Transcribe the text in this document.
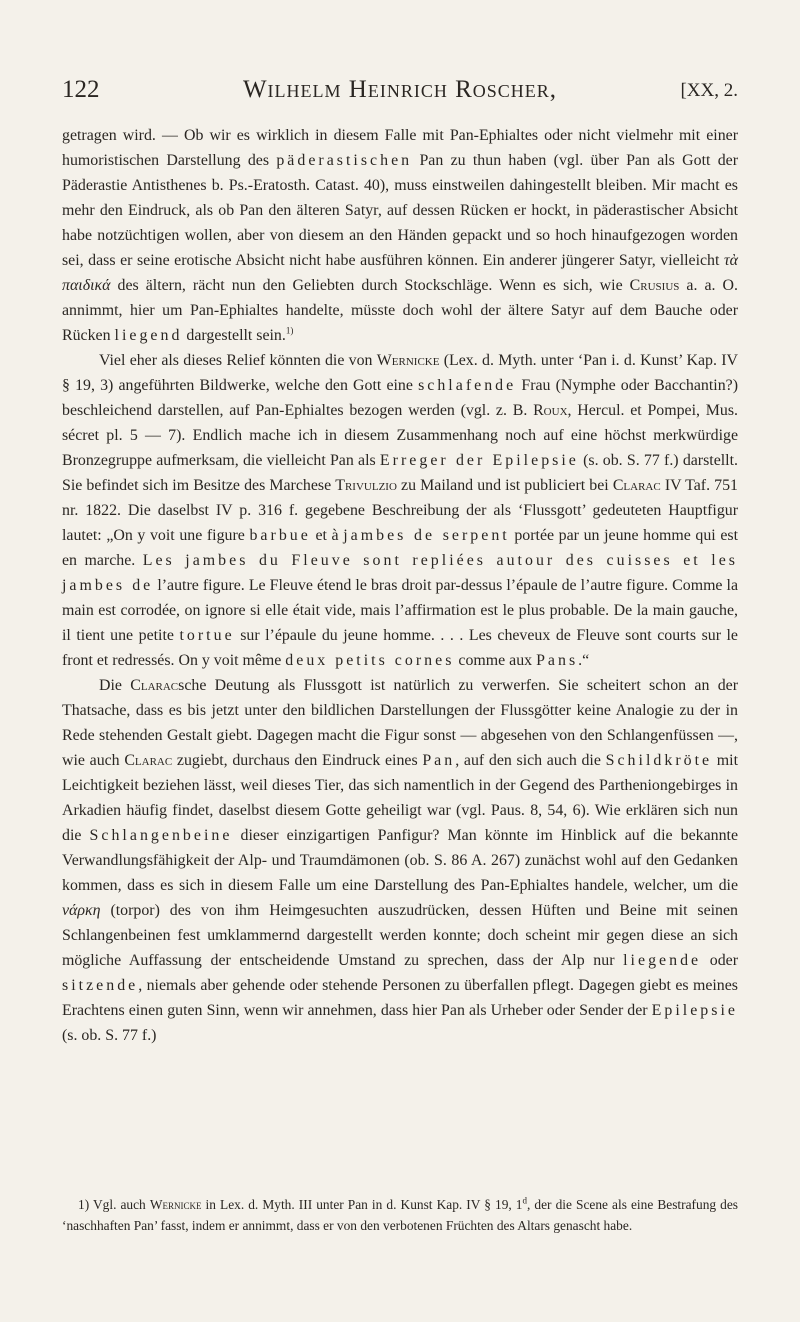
122	Wilhelm Heinrich Roscher,	[XX, 2.

getragen wird. — Ob wir es wirklich in diesem Falle mit Pan-Ephialtes oder nicht vielmehr mit einer humoristischen Darstellung des päderastischen Pan zu thun haben (vgl. über Pan als Gott der Päderastie Antisthenes b. Ps.-Eratosth. Catast. 40), muss einstweilen dahingestellt bleiben. Mir macht es mehr den Eindruck, als ob Pan den älteren Satyr, auf dessen Rücken er hockt, in päderastischer Absicht habe notzüchtigen wollen, aber von diesem an den Händen gepackt und so hoch hinaufgezogen worden sei, dass er seine erotische Absicht nicht habe ausführen können. Ein anderer jüngerer Satyr, vielleicht τὰ παιδικά des ältern, rächt nun den Geliebten durch Stockschläge. Wenn es sich, wie Crusius a. a. O. annimmt, hier um Pan-Ephialtes handelte, müsste doch wohl der ältere Satyr auf dem Bauche oder Rücken liegend dargestellt sein.$^{1)}$

Viel eher als dieses Relief könnten die von Wernicke (Lex. d. Myth. unter ‘Pan i. d. Kunst’ Kap. IV § 19, 3) angeführten Bildwerke, welche den Gott eine schlafende Frau (Nymphe oder Bacchantin?) beschleichend darstellen, auf Pan-Ephialtes bezogen werden (vgl. z. B. Roux, Hercul. et Pompei, Mus. sécret pl. 5 — 7). Endlich mache ich in diesem Zusammenhang noch auf eine höchst merkwürdige Bronzegruppe aufmerksam, die vielleicht Pan als Erreger der Epilepsie (s. ob. S. 77 f.) darstellt. Sie befindet sich im Besitze des Marchese Trivulzio zu Mailand und ist publiciert bei Clarac IV Taf. 751 nr. 1822. Die daselbst IV p. 316 f. gegebene Beschreibung der als ‘Flussgott’ gedeuteten Hauptfigur lautet: „On y voit une figure barbue et à jambes de serpent portée par un jeune homme qui est en marche. Les jambes du Fleuve sont repliées autour des cuisses et les jambes de l’autre figure. Le Fleuve étend le bras droit par-dessus l’épaule de l’autre figure. Comme la main est corrodée, on ignore si elle était vide, mais l’affirmation est le plus probable. De la main gauche, il tient une petite tortue sur l’épaule du jeune homme. . . . Les cheveux de Fleuve sont courts sur le front et redressés. On y voit même deux petits cornes comme aux Pans.“

Die Claracsche Deutung als Flussgott ist natürlich zu verwerfen. Sie scheitert schon an der Thatsache, dass es bis jetzt unter den bildlichen Darstellungen der Flussgötter keine Analogie zu der in Rede stehenden Gestalt giebt. Dagegen macht die Figur sonst — abgesehen von den Schlangenfüssen —, wie auch Clarac zugiebt, durchaus den Eindruck eines Pan, auf den sich auch die Schildkröte mit Leichtigkeit beziehen lässt, weil dieses Tier, das sich namentlich in der Gegend des Partheniongebirges in Arkadien häufig findet, daselbst diesem Gotte geheiligt war (vgl. Paus. 8, 54, 6). Wie erklären sich nun die Schlangenbeine dieser einzigartigen Panfigur? Man könnte im Hinblick auf die bekannte Verwandlungsfähigkeit der Alp- und Traumdämonen (ob. S. 86 A. 267) zunächst wohl auf den Gedanken kommen, dass es sich in diesem Falle um eine Darstellung des Pan-Ephialtes handele, welcher, um die νάρκη (torpor) des von ihm Heimgesuchten auszudrücken, dessen Hüften und Beine mit seinen Schlangenbeinen fest umklammernd dargestellt werden konnte; doch scheint mir gegen diese an sich mögliche Auffassung der entscheidende Umstand zu sprechen, dass der Alp nur liegende oder sitzende, niemals aber gehende oder stehende Personen zu überfallen pflegt. Dagegen giebt es meines Erachtens einen guten Sinn, wenn wir annehmen, dass hier Pan als Urheber oder Sender der Epilepsie (s. ob. S. 77 f.)

1) Vgl. auch Wernicke in Lex. d. Myth. III unter Pan in d. Kunst Kap. IV § 19, 1$^d$, der die Scene als eine Bestrafung des ‘naschhaften Pan’ fasst, indem er annimmt, dass er von den verbotenen Früchten des Altars genascht habe.
